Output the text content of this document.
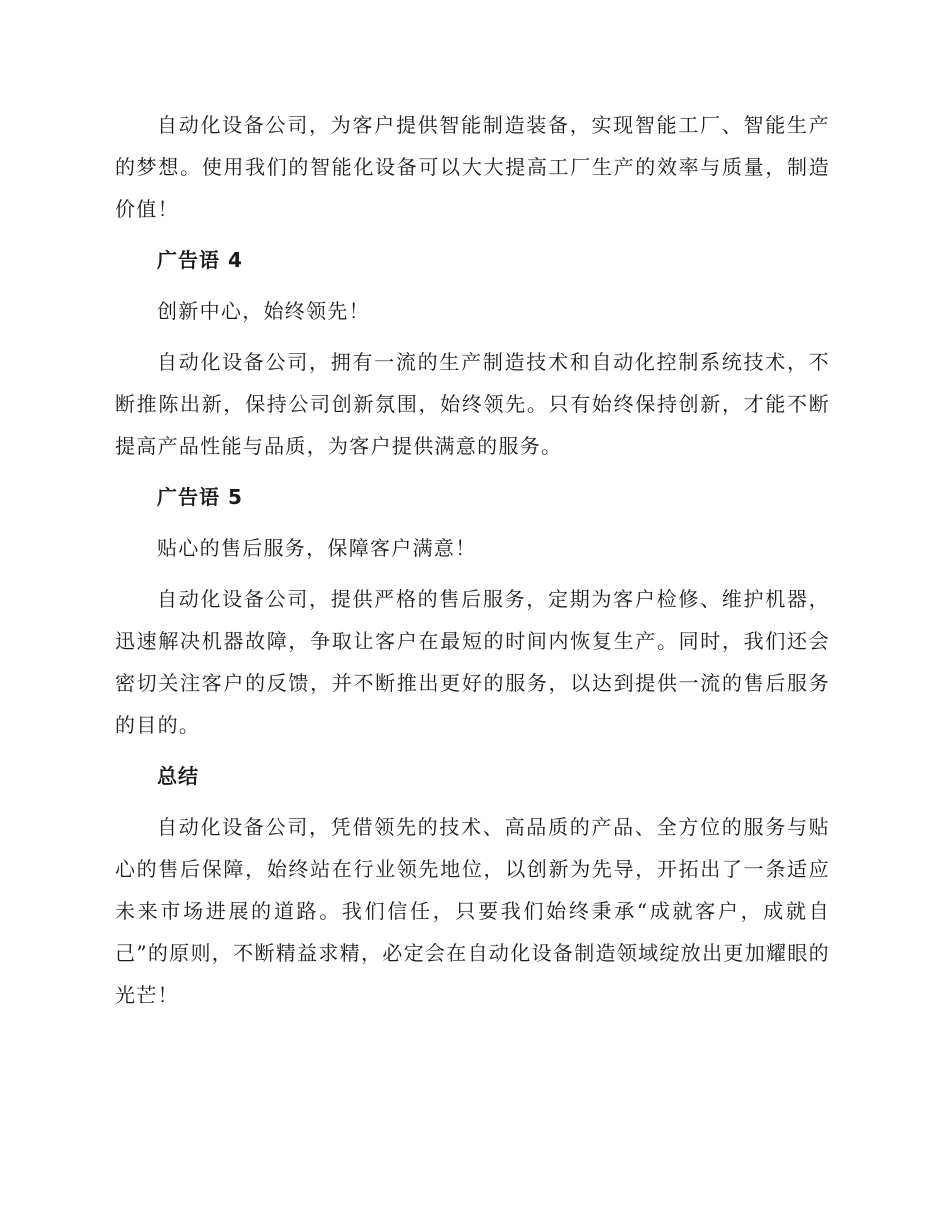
自动化设备公司，为客户提供智能制造装备，实现智能工厂、智能生产的梦想。使用我们的智能化设备可以大大提高工厂生产的效率与质量，制造价值！

广告语 4

创新中心，始终领先！

自动化设备公司，拥有一流的生产制造技术和自动化控制系统技术，不断推陈出新，保持公司创新氛围，始终领先。只有始终保持创新，才能不断提高产品性能与品质，为客户提供满意的服务。

广告语 5

贴心的售后服务，保障客户满意！

自动化设备公司，提供严格的售后服务，定期为客户检修、维护机器，迅速解决机器故障，争取让客户在最短的时间内恢复生产。同时，我们还会密切关注客户的反馈，并不断推出更好的服务，以达到提供一流的售后服务的目的。

总结

自动化设备公司，凭借领先的技术、高品质的产品、全方位的服务与贴心的售后保障，始终站在行业领先地位，以创新为先导，开拓出了一条适应未来市场进展的道路。我们信任，只要我们始终秉承“成就客户，成就自己”的原则，不断精益求精，必定会在自动化设备制造领域绽放出更加耀眼的光芒！
